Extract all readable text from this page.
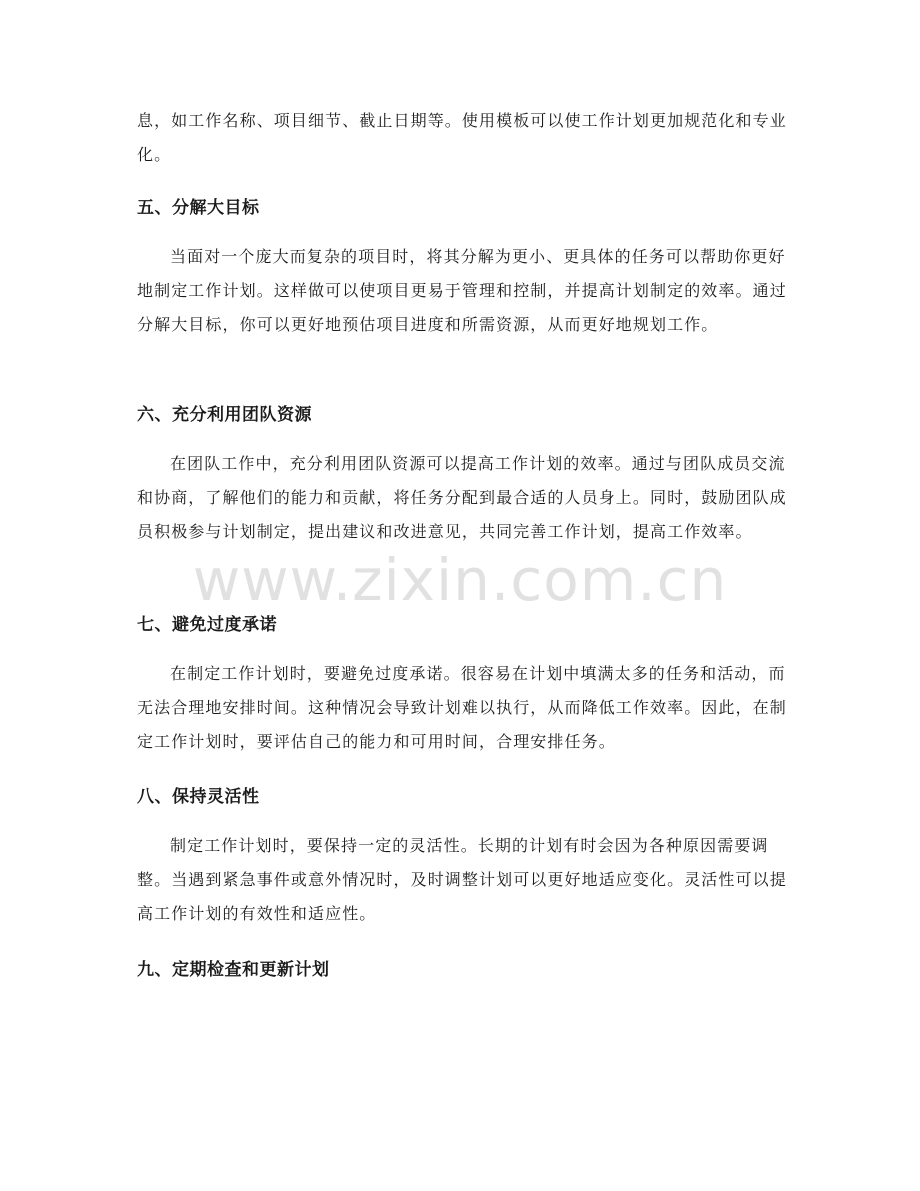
息，如工作名称、项目细节、截止日期等。使用模板可以使工作计划更加规范化和专业化。

五、分解大目标

当面对一个庞大而复杂的项目时，将其分解为更小、更具体的任务可以帮助你更好地制定工作计划。这样做可以使项目更易于管理和控制，并提高计划制定的效率。通过分解大目标，你可以更好地预估项目进度和所需资源，从而更好地规划工作。

六、充分利用团队资源

在团队工作中，充分利用团队资源可以提高工作计划的效率。通过与团队成员交流和协商，了解他们的能力和贡献，将任务分配到最合适的人员身上。同时，鼓励团队成员积极参与计划制定，提出建议和改进意见，共同完善工作计划，提高工作效率。

七、避免过度承诺

在制定工作计划时，要避免过度承诺。很容易在计划中填满太多的任务和活动，而无法合理地安排时间。这种情况会导致计划难以执行，从而降低工作效率。因此，在制定工作计划时，要评估自己的能力和可用时间，合理安排任务。

八、保持灵活性

制定工作计划时，要保持一定的灵活性。长期的计划有时会因为各种原因需要调整。当遇到紧急事件或意外情况时，及时调整计划可以更好地适应变化。灵活性可以提高工作计划的有效性和适应性。

九、定期检查和更新计划
www.zixin.com.cn
